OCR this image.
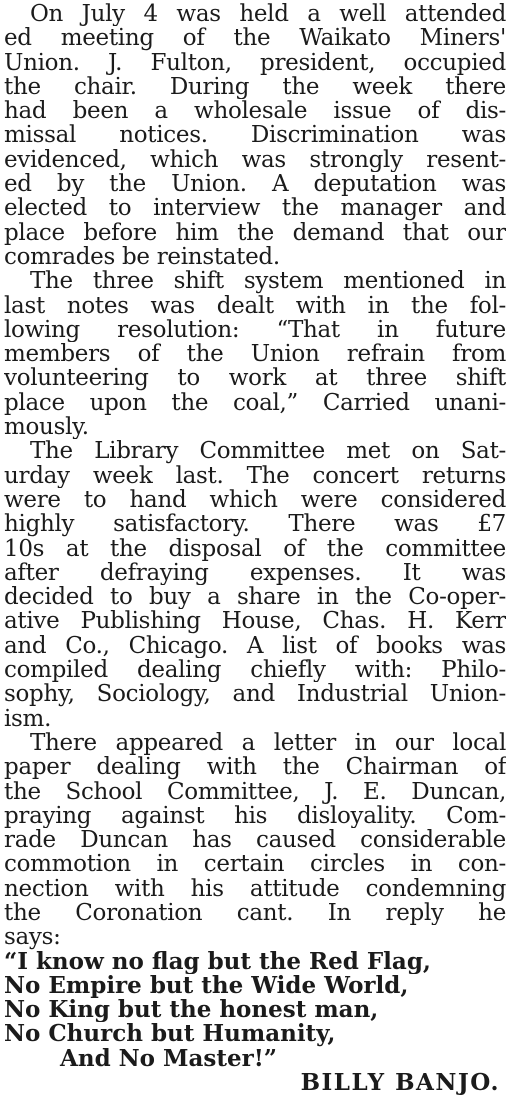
On July 4 was held a well attended
ed meeting of the Waikato Miners'
Union. J. Fulton, president, occupied
the chair. During the week there
had been a wholesale issue of dis-
missal notices. Discrimination was
evidenced, which was strongly resent-
ed by the Union. A deputation was
elected to interview the manager and
place before him the demand that our
comrades be reinstated.

The three shift system mentioned in
last notes was dealt with in the fol-
lowing resolution: “That in future
members of the Union refrain from
volunteering to work at three shift
place upon the coal,” Carried unani-
mously.

The Library Committee met on Sat-
urday week last. The concert returns
were to hand which were considered
highly satisfactory. There was £7
10s at the disposal of the committee
after defraying expenses. It was
decided to buy a share in the Co-oper-
ative Publishing House, Chas. H. Kerr
and Co., Chicago. A list of books was
compiled dealing chiefly with: Philo-
sophy, Sociology, and Industrial Union-
ism.

There appeared a letter in our local
paper dealing with the Chairman of
the School Committee, J. E. Duncan,
praying against his disloyality. Com-
rade Duncan has caused considerable
commotion in certain circles in con-
nection with his attitude condemning
the Coronation cant. In reply he
says:

“I know no flag but the Red Flag,
No Empire but the Wide World,
No King but the honest man,
No Church but Humanity,
And No Master!”
BILLY BANJO.
